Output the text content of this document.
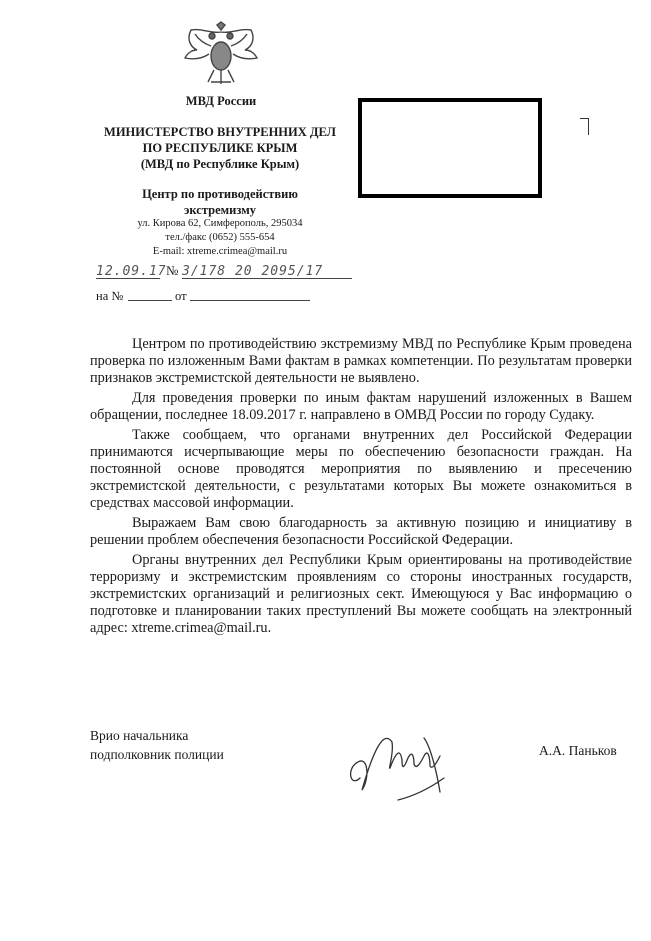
МВД России
МИНИСТЕРСТВО ВНУТРЕННИХ ДЕЛ
ПО РЕСПУБЛИКЕ КРЫМ
(МВД по Республике Крым)
Центр по противодействию
экстремизму
ул. Кирова 62, Симферополь, 295034
тел./факс (0652) 555-654
E-mail: xtreme.crimea@mail.ru
12.09.17 № 3/178 20 2095/17
на №	от

Центром по противодействию экстремизму МВД по Республике Крым проведена проверка по изложенным Вами фактам в рамках компетенции. По результатам проверки признаков экстремистской деятельности не выявлено.

Для проведения проверки по иным фактам нарушений изложенных в Вашем обращении, последнее 18.09.2017 г. направлено в ОМВД России по городу Судаку.

Также сообщаем, что органами внутренних дел Российской Федерации принимаются исчерпывающие меры по обеспечению безопасности граждан. На постоянной основе проводятся мероприятия по выявлению и пресечению экстремистской деятельности, с результатами которых Вы можете ознакомиться в средствах массовой информации.

Выражаем Вам свою благодарность за активную позицию и инициативу в решении проблем обеспечения безопасности Российской Федерации.

Органы внутренних дел Республики Крым ориентированы на противодействие терроризму и экстремистским проявлениям со стороны иностранных государств, экстремистских организаций и религиозных сект. Имеющуюся у Вас информацию о подготовке и планировании таких преступлений Вы можете сообщать на электронный адрес: xtreme.crimea@mail.ru.

Врио начальника
подполковник полиции	А.А. Паньков
